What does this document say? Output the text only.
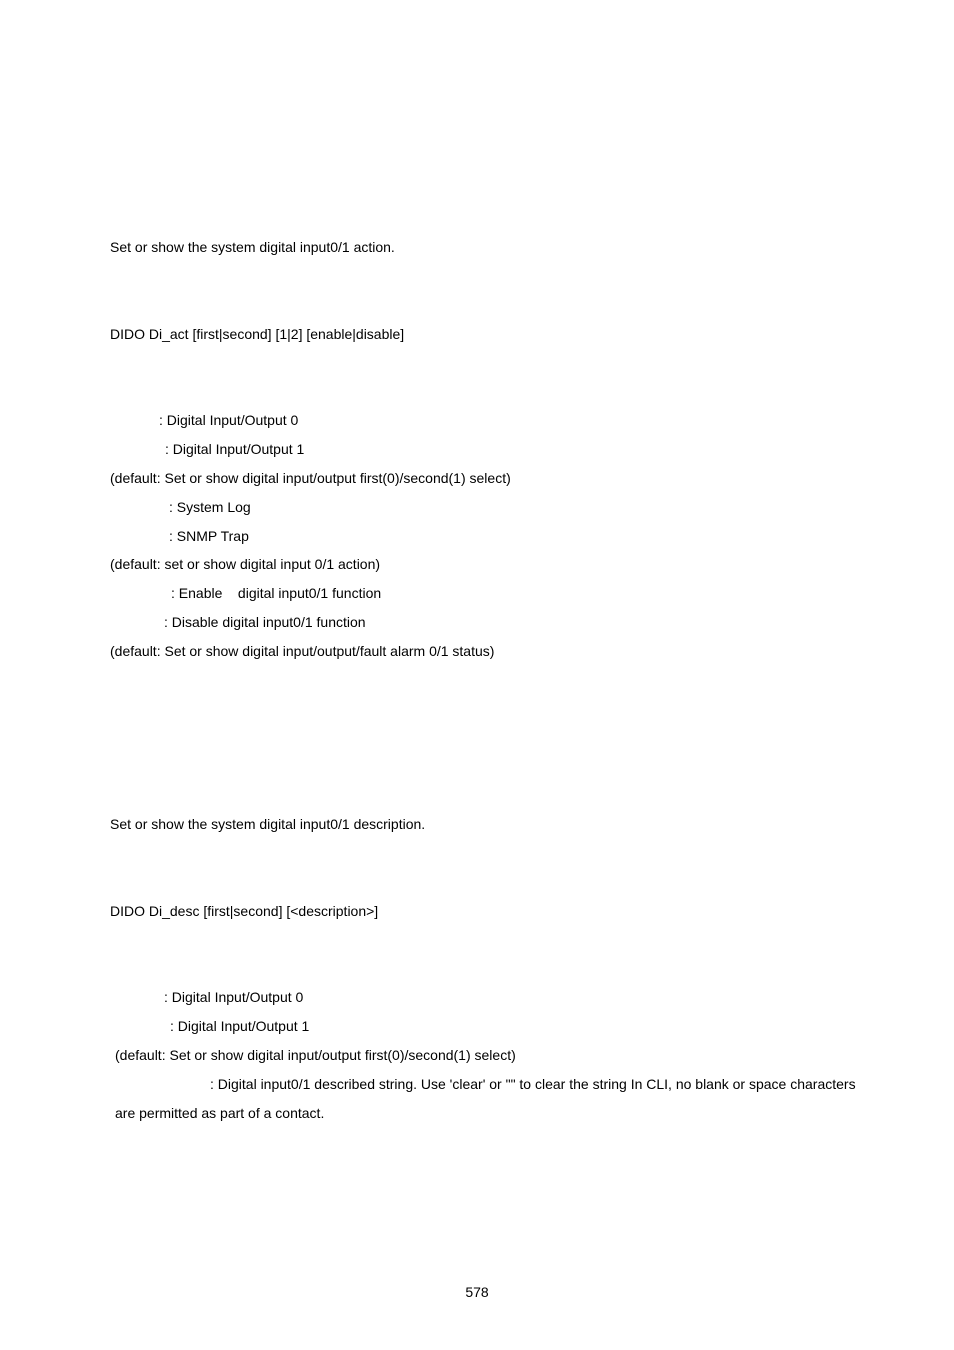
Set or show the system digital input0/1 action.

DIDO Di_act [first|second] [1|2] [enable|disable]

: Digital Input/Output 0

: Digital Input/Output 1

(default: Set or show digital input/output first(0)/second(1) select)

: System Log

: SNMP Trap

(default: set or show digital input 0/1 action)

: Enable    digital input0/1 function

: Disable digital input0/1 function

(default: Set or show digital input/output/fault alarm 0/1 status)

Set or show the system digital input0/1 description.

DIDO Di_desc [first|second] [<description>]

: Digital Input/Output 0

: Digital Input/Output 1

(default: Set or show digital input/output first(0)/second(1) select)

: Digital input0/1 described string. Use 'clear' or "" to clear the string In CLI, no blank or space characters

are permitted as part of a contact.

578
